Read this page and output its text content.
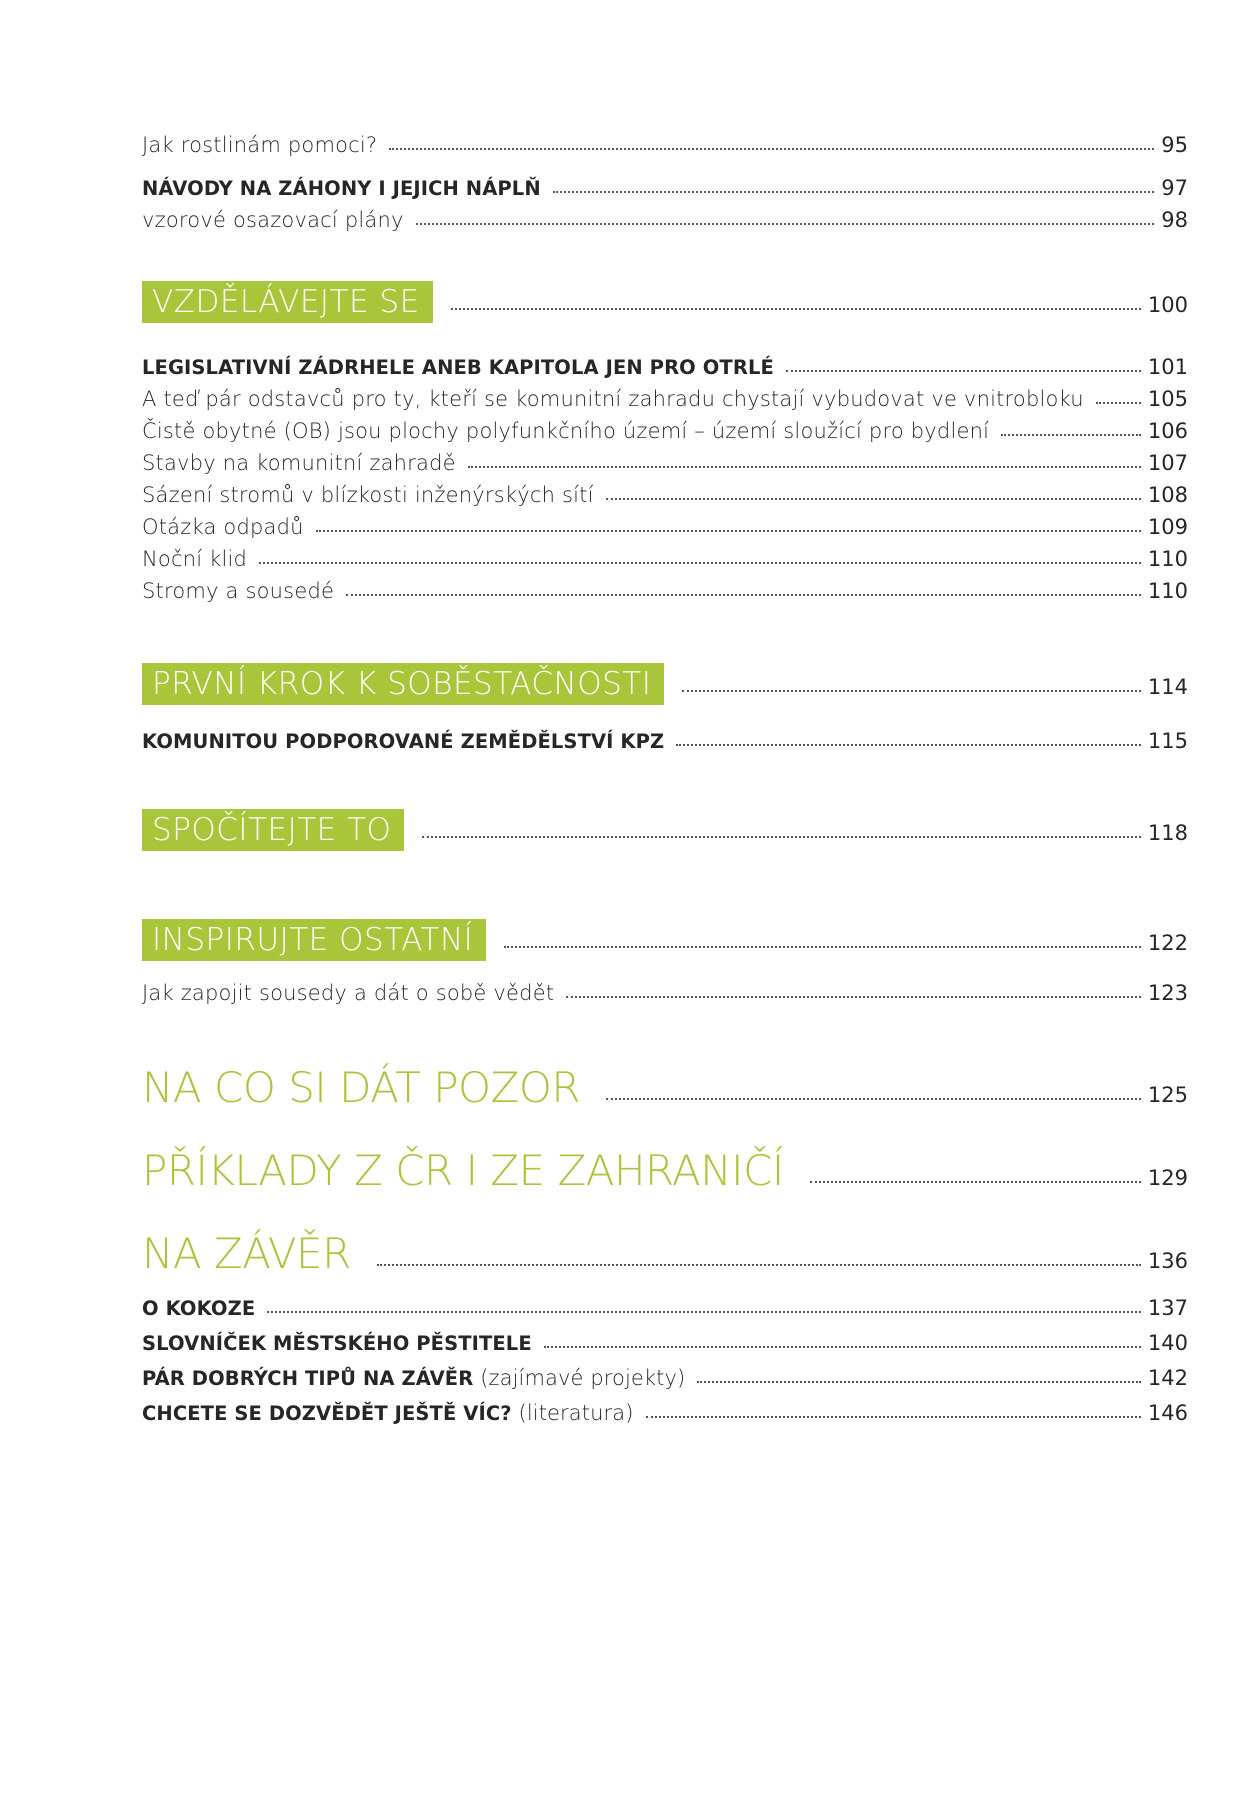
Jak rostlinám pomoci?	95
NÁVODY NA ZÁHONY I JEJICH NÁPLŇ	97
vzorové osazovací plány	98
VZDĚLÁVEJTE SE	100
LEGISLATIVNÍ ZÁDRHELE ANEB KAPITOLA JEN PRO OTRLÉ	101
A teď pár odstavců pro ty, kteří se komunitní zahradu chystají vybudovat ve vnitrobloku	105
Čistě obytné (OB) jsou plochy polyfunkčního území – území sloužící pro bydlení	106
Stavby na komunitní zahradě	107
Sázení stromů v blízkosti inženýrských sítí	108
Otázka odpadů	109
Noční klid	110
Stromy a sousedé	110
PRVNÍ KROK K SOBĚSTAČNOSTI	114
KOMUNITOU PODPOROVANÉ ZEMĚDĚLSTVÍ KPZ	115
SPOČÍTEJTE TO	118
INSPIRUJTE OSTATNÍ	122
Jak zapojit sousedy a dát o sobě vědět	123
NA CO SI DÁT POZOR	125
PŘÍKLADY Z ČR I ZE ZAHRANIČÍ	129
NA ZÁVĚR	136
O KOKOZE	137
SLOVNÍČEK MĚSTSKÉHO PĚSTITELE	140
PÁR DOBRÝCH TIPŮ NA ZÁVĚR (zajímavé projekty)	142
CHCETE SE DOZVĚDĚT JEŠTĚ VÍC? (literatura)	146
